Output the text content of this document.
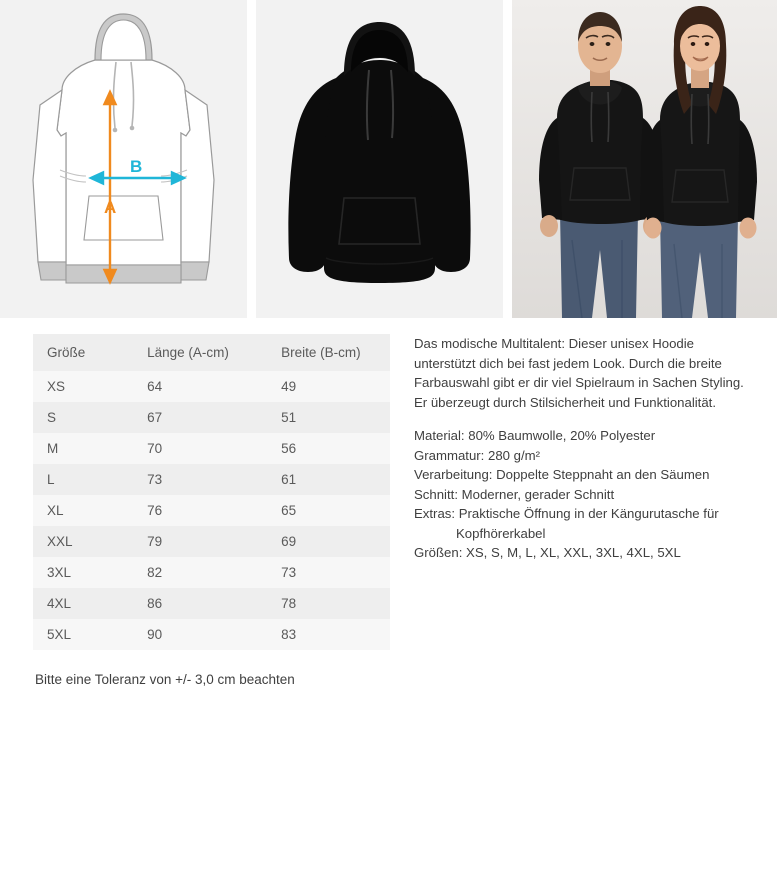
A
B
Größe	Länge (A-cm)	Breite (B-cm)
XS	64	49
S	67	51
M	70	56
L	73	61
XL	76	65
XXL	79	69
3XL	82	73
4XL	86	78
5XL	90	83
Bitte eine Toleranz von +/- 3,0 cm beachten

Das modische Multitalent: Dieser unisex Hoodie unterstützt dich bei fast jedem Look. Durch die breite Farbauswahl gibt er dir viel Spielraum in Sachen Styling. Er überzeugt durch Stilsicherheit und Funktionalität.

Material: 80% Baumwolle, 20% Polyester

Grammatur: 280 g/m²

Verarbeitung: Doppelte Steppnaht an den Säumen

Schnitt: Moderner, gerader Schnitt

Extras: Praktische Öffnung in der Kängurutasche für

Kopfhörerkabel

Größen: XS, S, M, L, XL, XXL, 3XL, 4XL, 5XL
